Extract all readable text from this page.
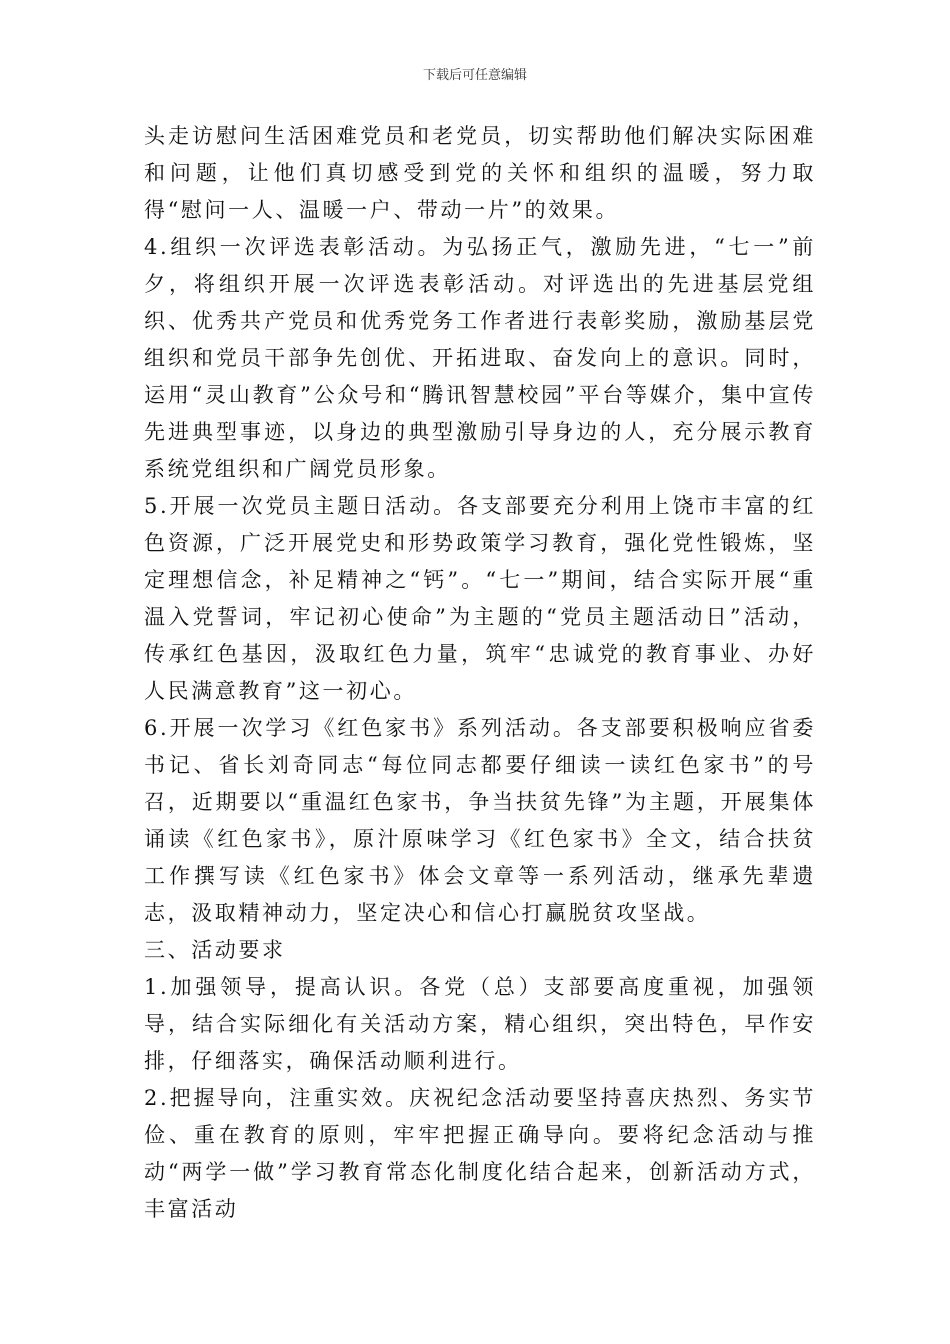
下载后可任意编辑

头走访慰问生活困难党员和老党员，切实帮助他们解决实际困难和问题，让他们真切感受到党的关怀和组织的温暖，努力取得“慰问一人、温暖一户、带动一片”的效果。

4.组织一次评选表彰活动。为弘扬正气，激励先进，“七一”前夕，将组织开展一次评选表彰活动。对评选出的先进基层党组织、优秀共产党员和优秀党务工作者进行表彰奖励，激励基层党组织和党员干部争先创优、开拓进取、奋发向上的意识。同时，运用“灵山教育”公众号和“腾讯智慧校园”平台等媒介，集中宣传先进典型事迹，以身边的典型激励引导身边的人，充分展示教育系统党组织和广阔党员形象。

5.开展一次党员主题日活动。各支部要充分利用上饶市丰富的红色资源，广泛开展党史和形势政策学习教育，强化党性锻炼，坚定理想信念，补足精神之“钙”。“七一”期间，结合实际开展“重温入党誓词，牢记初心使命”为主题的“党员主题活动日”活动，传承红色基因，汲取红色力量，筑牢“忠诚党的教育事业、办好人民满意教育”这一初心。

6.开展一次学习《红色家书》系列活动。各支部要积极响应省委书记、省长刘奇同志“每位同志都要仔细读一读红色家书”的号召，近期要以“重温红色家书，争当扶贫先锋”为主题，开展集体诵读《红色家书》，原汁原味学习《红色家书》全文，结合扶贫工作撰写读《红色家书》体会文章等一系列活动，继承先辈遗志，汲取精神动力，坚定决心和信心打赢脱贫攻坚战。

三、活动要求

1.加强领导，提高认识。各党（总）支部要高度重视，加强领导，结合实际细化有关活动方案，精心组织，突出特色，早作安排，仔细落实，确保活动顺利进行。

2.把握导向，注重实效。庆祝纪念活动要坚持喜庆热烈、务实节俭、重在教育的原则，牢牢把握正确导向。要将纪念活动与推动“两学一做”学习教育常态化制度化结合起来，创新活动方式，丰富活动
